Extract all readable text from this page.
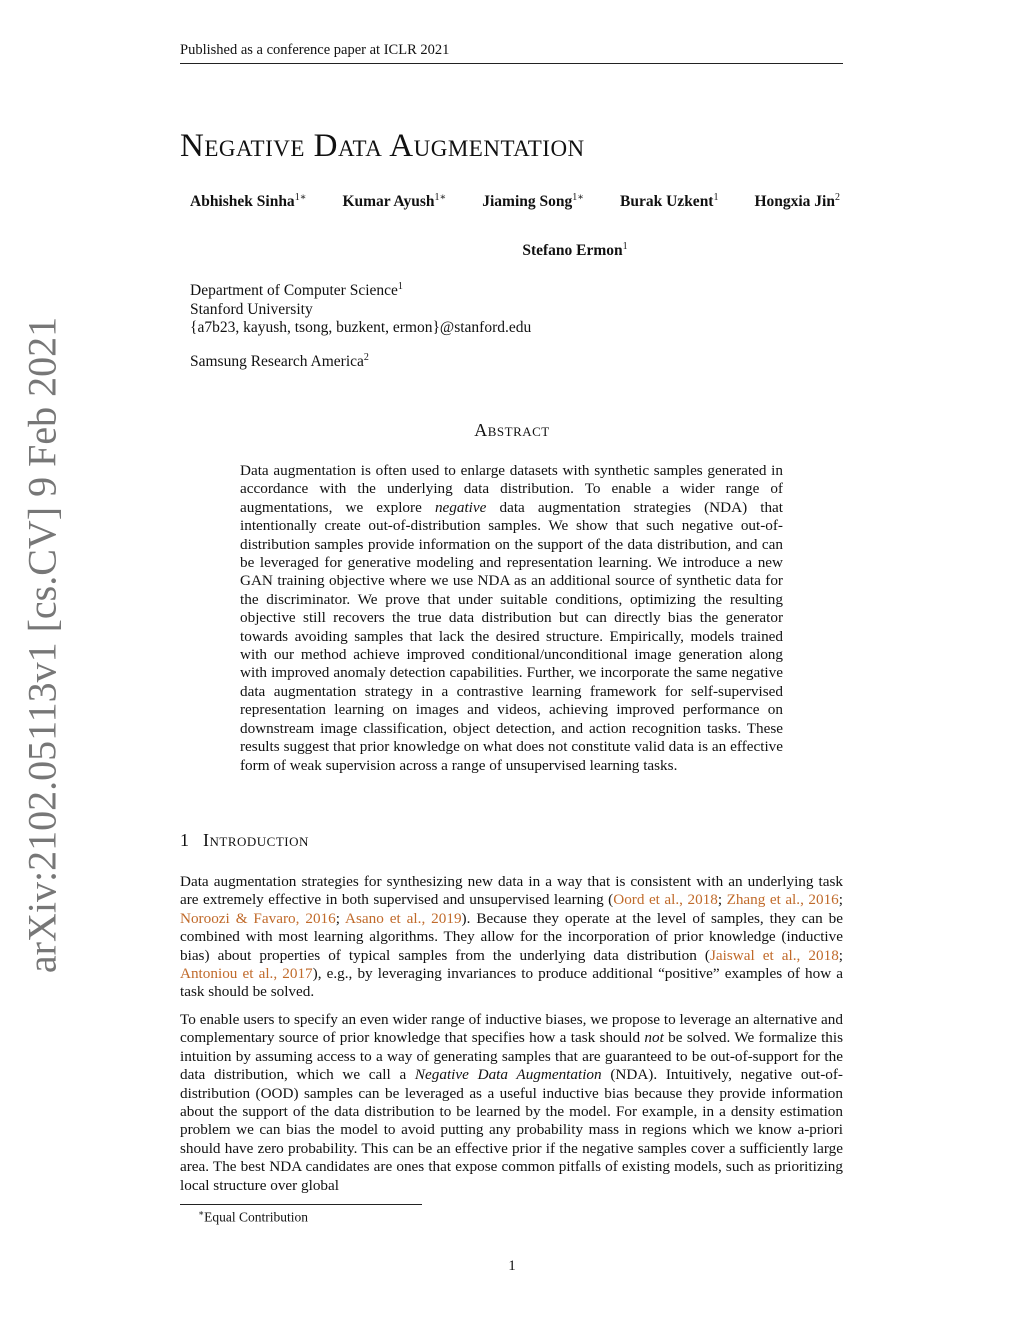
Published as a conference paper at ICLR 2021
arXiv:2102.05113v1 [cs.CV] 9 Feb 2021
Negative Data Augmentation
Abhishek Sinha$^{1∗}$ Kumar Ayush$^{1∗}$ Jiaming Song$^{1∗}$ Burak Uzkent$^1$ Hongxia Jin$^2$
Stefano Ermon$^1$
Department of Computer Science$^1$
Stanford University
{a7b23, kayush, tsong, buzkent, ermon}@stanford.edu
Samsung Research America$^2$
Abstract
Data augmentation is often used to enlarge datasets with synthetic samples generated in accordance with the underlying data distribution. To enable a wider range of augmentations, we explore negative data augmentation strategies (NDA) that intentionally create out-of-distribution samples. We show that such negative out-of-distribution samples provide information on the support of the data distribution, and can be leveraged for generative modeling and representation learning. We introduce a new GAN training objective where we use NDA as an additional source of synthetic data for the discriminator. We prove that under suitable conditions, optimizing the resulting objective still recovers the true data distribution but can directly bias the generator towards avoiding samples that lack the desired structure. Empirically, models trained with our method achieve improved conditional/unconditional image generation along with improved anomaly detection capabilities. Further, we incorporate the same negative data augmentation strategy in a contrastive learning framework for self-supervised representation learning on images and videos, achieving improved performance on downstream image classification, object detection, and action recognition tasks. These results suggest that prior knowledge on what does not constitute valid data is an effective form of weak supervision across a range of unsupervised learning tasks.
1 Introduction
Data augmentation strategies for synthesizing new data in a way that is consistent with an underlying task are extremely effective in both supervised and unsupervised learning (Oord et al., 2018; Zhang et al., 2016; Noroozi & Favaro, 2016; Asano et al., 2019). Because they operate at the level of samples, they can be combined with most learning algorithms. They allow for the incorporation of prior knowledge (inductive bias) about properties of typical samples from the underlying data distribution (Jaiswal et al., 2018; Antoniou et al., 2017), e.g., by leveraging invariances to produce additional “positive” examples of how a task should be solved.
To enable users to specify an even wider range of inductive biases, we propose to leverage an alternative and complementary source of prior knowledge that specifies how a task should not be solved. We formalize this intuition by assuming access to a way of generating samples that are guaranteed to be out-of-support for the data distribution, which we call a Negative Data Augmentation (NDA). Intuitively, negative out-of-distribution (OOD) samples can be leveraged as a useful inductive bias because they provide information about the support of the data distribution to be learned by the model. For example, in a density estimation problem we can bias the model to avoid putting any probability mass in regions which we know a-priori should have zero probability. This can be an effective prior if the negative samples cover a sufficiently large area. The best NDA candidates are ones that expose common pitfalls of existing models, such as prioritizing local structure over global
∗Equal Contribution
1
